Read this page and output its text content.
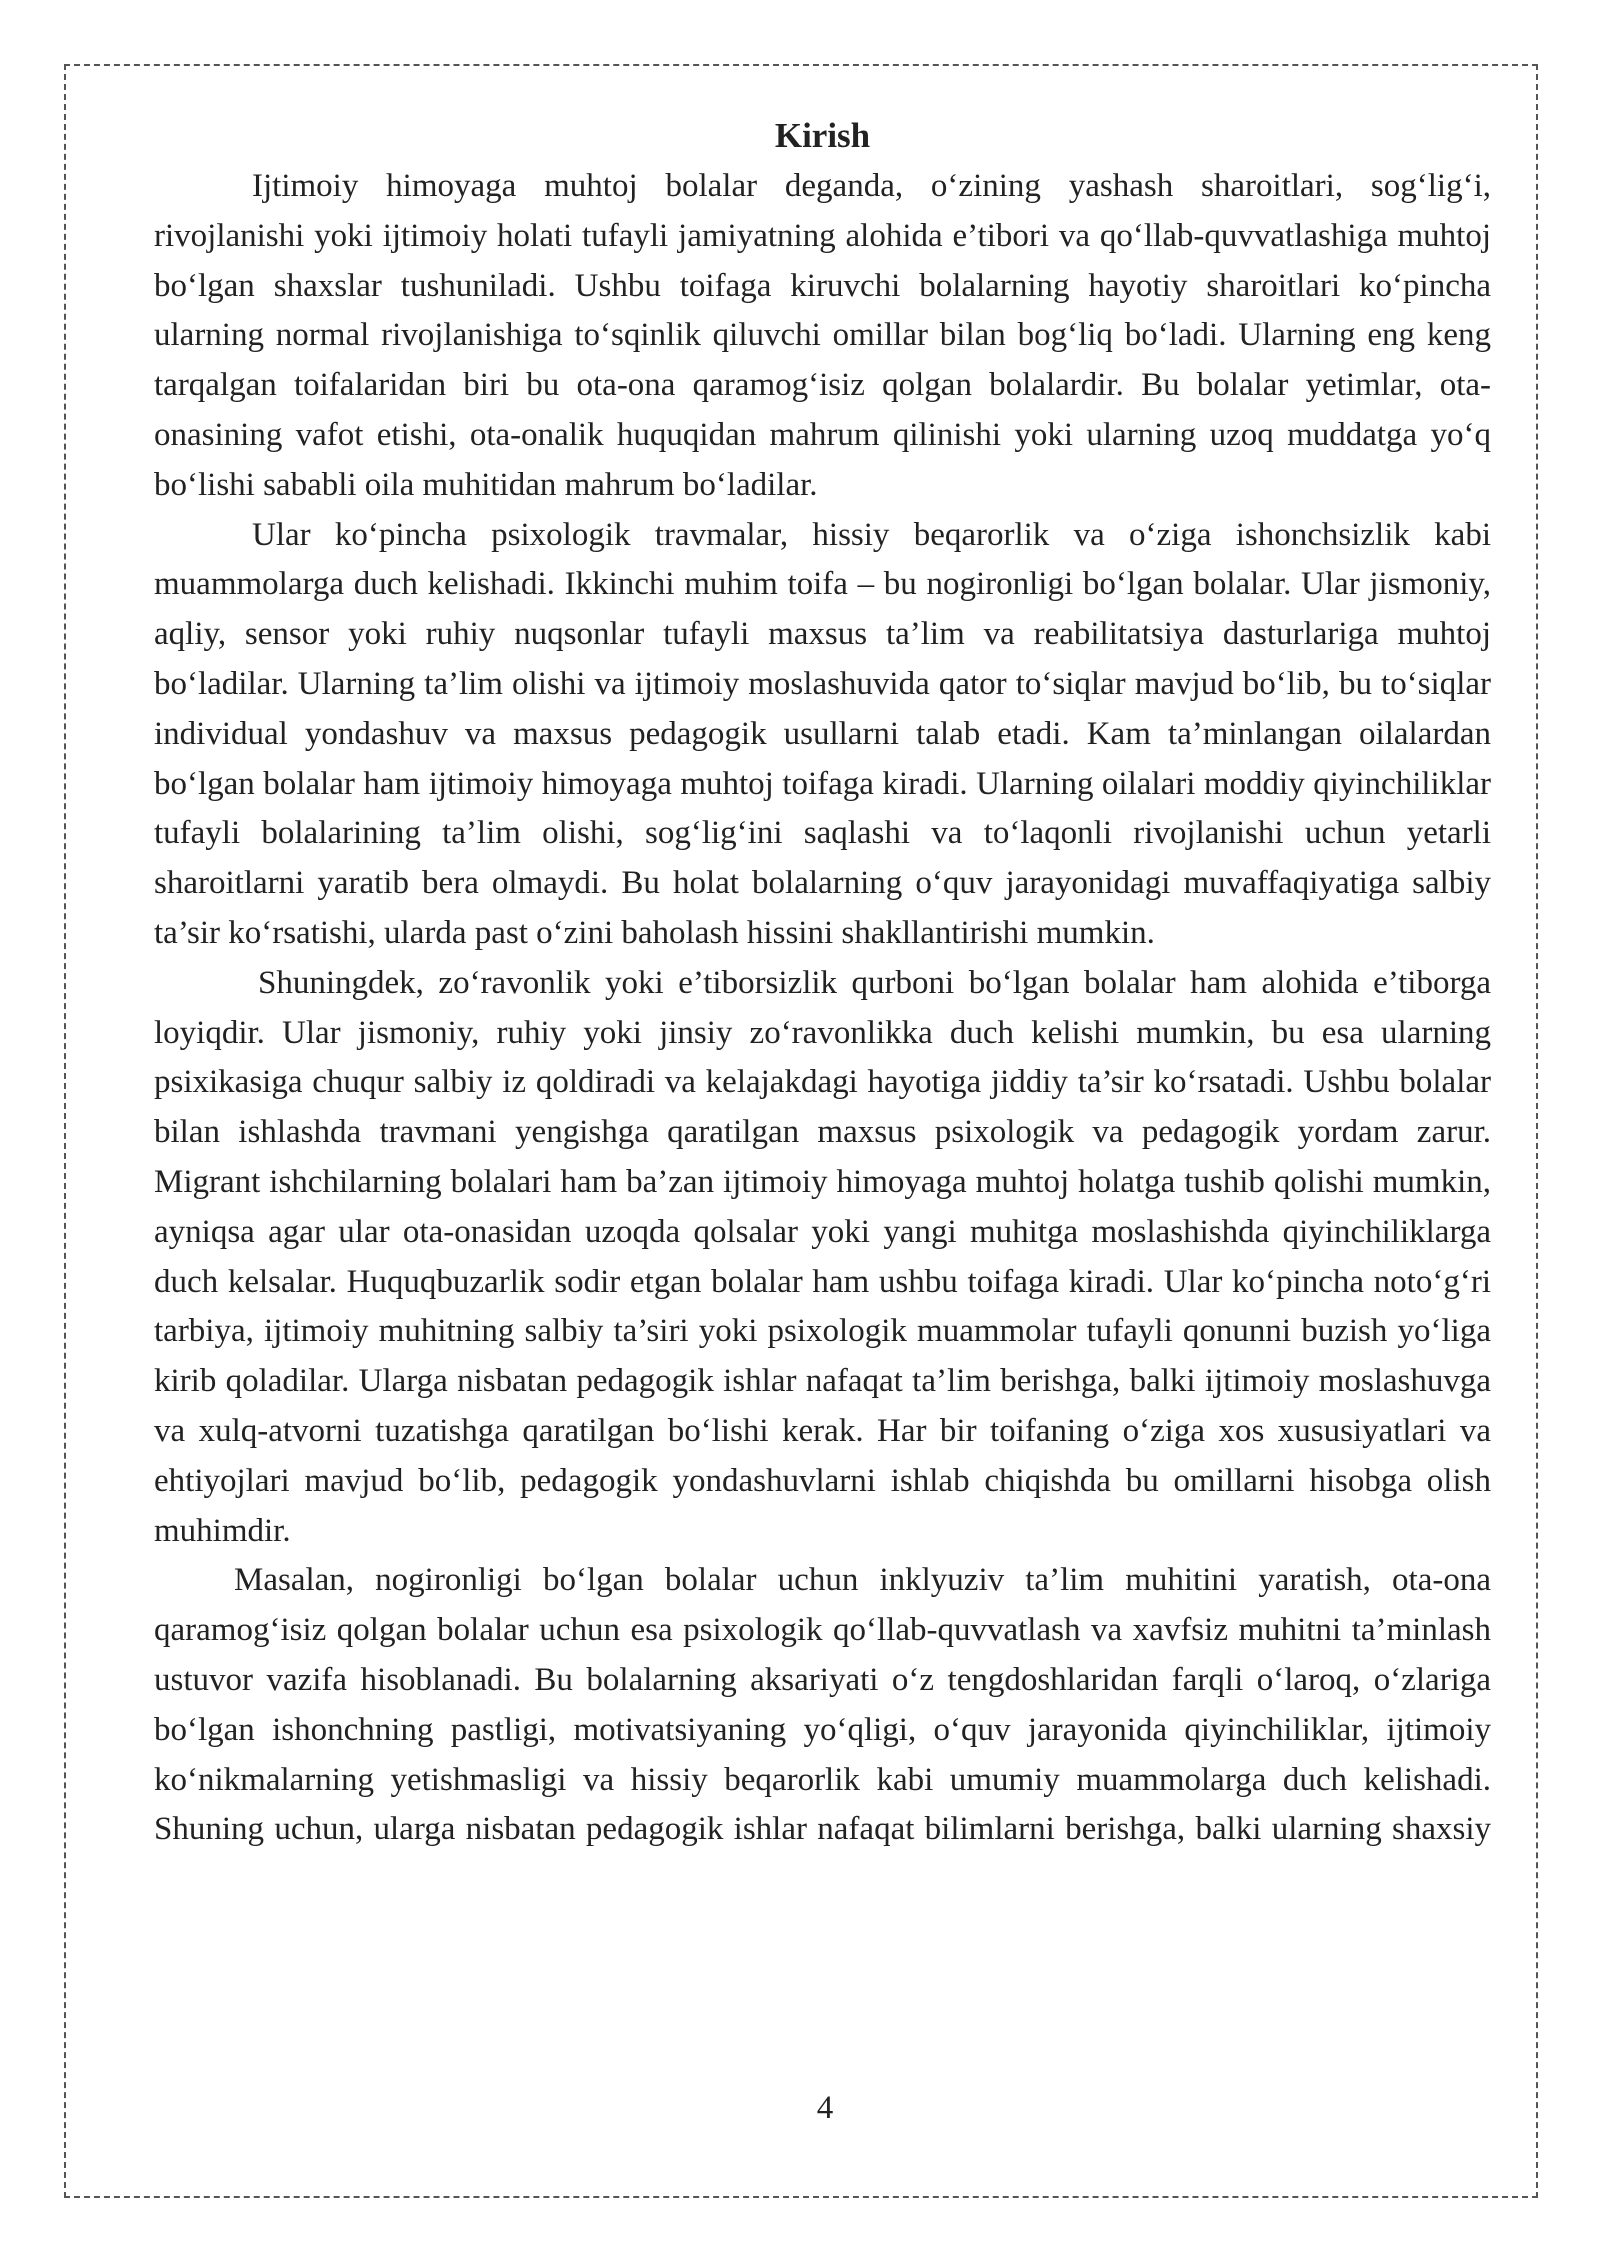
Kirish

Ijtimoiy himoyaga muhtoj bolalar deganda, o‘zining yashash sharoitlari, sog‘lig‘i, rivojlanishi yoki ijtimoiy holati tufayli jamiyatning alohida e’tibori va qo‘llab-quvvatlashiga muhtoj bo‘lgan shaxslar tushuniladi. Ushbu toifaga kiruvchi bolalarning hayotiy sharoitlari ko‘pincha ularning normal rivojlanishiga to‘sqinlik qiluvchi omillar bilan bog‘liq bo‘ladi. Ularning eng keng tarqalgan toifalaridan biri bu ota-ona qaramog‘isiz qolgan bolalardir. Bu bolalar yetimlar, ota-onasining vafot etishi, ota-onalik huquqidan mahrum qilinishi yoki ularning uzoq muddatga yo‘q bo‘lishi sababli oila muhitidan mahrum bo‘ladilar.

Ular ko‘pincha psixologik travmalar, hissiy beqarorlik va o‘ziga ishonchsizlik kabi muammolarga duch kelishadi. Ikkinchi muhim toifa – bu nogironligi bo‘lgan bolalar. Ular jismoniy, aqliy, sensor yoki ruhiy nuqsonlar tufayli maxsus ta’lim va reabilitatsiya dasturlariga muhtoj bo‘ladilar. Ularning ta’lim olishi va ijtimoiy moslashuvida qator to‘siqlar mavjud bo‘lib, bu to‘siqlar individual yondashuv va maxsus pedagogik usullarni talab etadi. Kam ta’minlangan oilalardan bo‘lgan bolalar ham ijtimoiy himoyaga muhtoj toifaga kiradi. Ularning oilalari moddiy qiyinchiliklar tufayli bolalarining ta’lim olishi, sog‘lig‘ini saqlashi va to‘laqonli rivojlanishi uchun yetarli sharoitlarni yaratib bera olmaydi. Bu holat bolalarning o‘quv jarayonidagi muvaffaqiyatiga salbiy ta’sir ko‘rsatishi, ularda past o‘zini baholash hissini shakllantirishi mumkin.

Shuningdek, zo‘ravonlik yoki e’tiborsizlik qurboni bo‘lgan bolalar ham alohida e’tiborga loyiqdir. Ular jismoniy, ruhiy yoki jinsiy zo‘ravonlikka duch kelishi mumkin, bu esa ularning psixikasiga chuqur salbiy iz qoldiradi va kelajakdagi hayotiga jiddiy ta’sir ko‘rsatadi. Ushbu bolalar bilan ishlashda travmani yengishga qaratilgan maxsus psixologik va pedagogik yordam zarur. Migrant ishchilarning bolalari ham ba’zan ijtimoiy himoyaga muhtoj holatga tushib qolishi mumkin, ayniqsa agar ular ota-onasidan uzoqda qolsalar yoki yangi muhitga moslashishda qiyinchiliklarga duch kelsalar. Huquqbuzarlik sodir etgan bolalar ham ushbu toifaga kiradi. Ular ko‘pincha noto‘g‘ri tarbiya, ijtimoiy muhitning salbiy ta’siri yoki psixologik muammolar tufayli qonunni buzish yo‘liga kirib qoladilar. Ularga nisbatan pedagogik ishlar nafaqat ta’lim berishga, balki ijtimoiy moslashuvga va xulq-atvorni tuzatishga qaratilgan bo‘lishi kerak. Har bir toifaning o‘ziga xos xususiyatlari va ehtiyojlari mavjud bo‘lib, pedagogik yondashuvlarni ishlab chiqishda bu omillarni hisobga olish muhimdir.

Masalan, nogironligi bo‘lgan bolalar uchun inklyuziv ta’lim muhitini yaratish, ota-ona qaramog‘isiz qolgan bolalar uchun esa psixologik qo‘llab-quvvatlash va xavfsiz muhitni ta’minlash ustuvor vazifa hisoblanadi. Bu bolalarning aksariyati o‘z tengdoshlaridan farqli o‘laroq, o‘zlariga bo‘lgan ishonchning pastligi, motivatsiyaning yo‘qligi, o‘quv jarayonida qiyinchiliklar, ijtimoiy ko‘nikmalarning yetishmasligi va hissiy beqarorlik kabi umumiy muammolarga duch kelishadi. Shuning uchun, ularga nisbatan pedagogik ishlar nafaqat bilimlarni berishga, balki ularning shaxsiy

4
